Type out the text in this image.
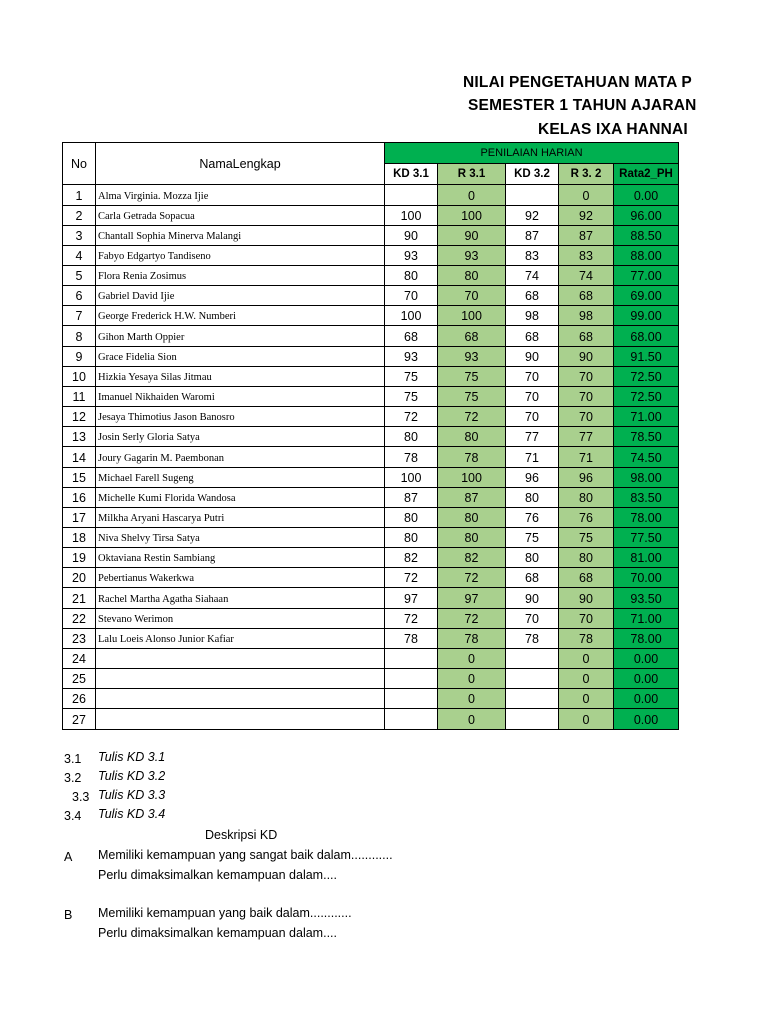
NILAI PENGETAHUAN MATA P
SEMESTER 1 TAHUN AJARAN
KELAS IXA HANNAI
No	NamaLengkap	PENILAIAN HARIAN				
		KD 3.1	R 3.1	KD 3.2	R 3. 2	Rata2_PH
1	Alma Virginia. Mozza Ijie		0		0	0.00
2	Carla Getrada Sopacua	100	100	92	92	96.00
3	Chantall Sophia Minerva Malangi	90	90	87	87	88.50
4	Fabyo Edgartyo Tandiseno	93	93	83	83	88.00
5	Flora Renia Zosimus	80	80	74	74	77.00
6	Gabriel David Ijie	70	70	68	68	69.00
7	George Frederick H.W. Numberi	100	100	98	98	99.00
8	Gihon Marth Oppier	68	68	68	68	68.00
9	Grace Fidelia Sion	93	93	90	90	91.50
10	Hizkia Yesaya Silas Jitmau	75	75	70	70	72.50
11	Imanuel Nikhaiden Waromi	75	75	70	70	72.50
12	Jesaya Thimotius Jason Banosro	72	72	70	70	71.00
13	Josin Serly Gloria Satya	80	80	77	77	78.50
14	Joury Gagarin M. Paembonan	78	78	71	71	74.50
15	Michael Farell Sugeng	100	100	96	96	98.00
16	Michelle Kumi Florida Wandosa	87	87	80	80	83.50
17	Milkha Aryani Hascarya Putri	80	80	76	76	78.00
18	Niva Shelvy Tirsa Satya	80	80	75	75	77.50
19	Oktaviana Restin Sambiang	82	82	80	80	81.00
20	Pebertianus Wakerkwa	72	72	68	68	70.00
21	Rachel Martha Agatha Siahaan	97	97	90	90	93.50
22	Stevano Werimon	72	72	70	70	71.00
23	Lalu Loeis Alonso Junior Kafiar	78	78	78	78	78.00
24			0		0	0.00
25			0		0	0.00
26			0		0	0.00
27			0		0	0.00
3.1 Tulis KD 3.1
3.2 Tulis KD 3.2
3.3 Tulis KD 3.3
3.4 Tulis KD 3.4
Deskripsi KD
A Memiliki kemampuan yang sangat baik dalam............
Perlu dimaksimalkan kemampuan dalam....
B Memiliki kemampuan yang baik dalam............
Perlu dimaksimalkan kemampuan dalam....
